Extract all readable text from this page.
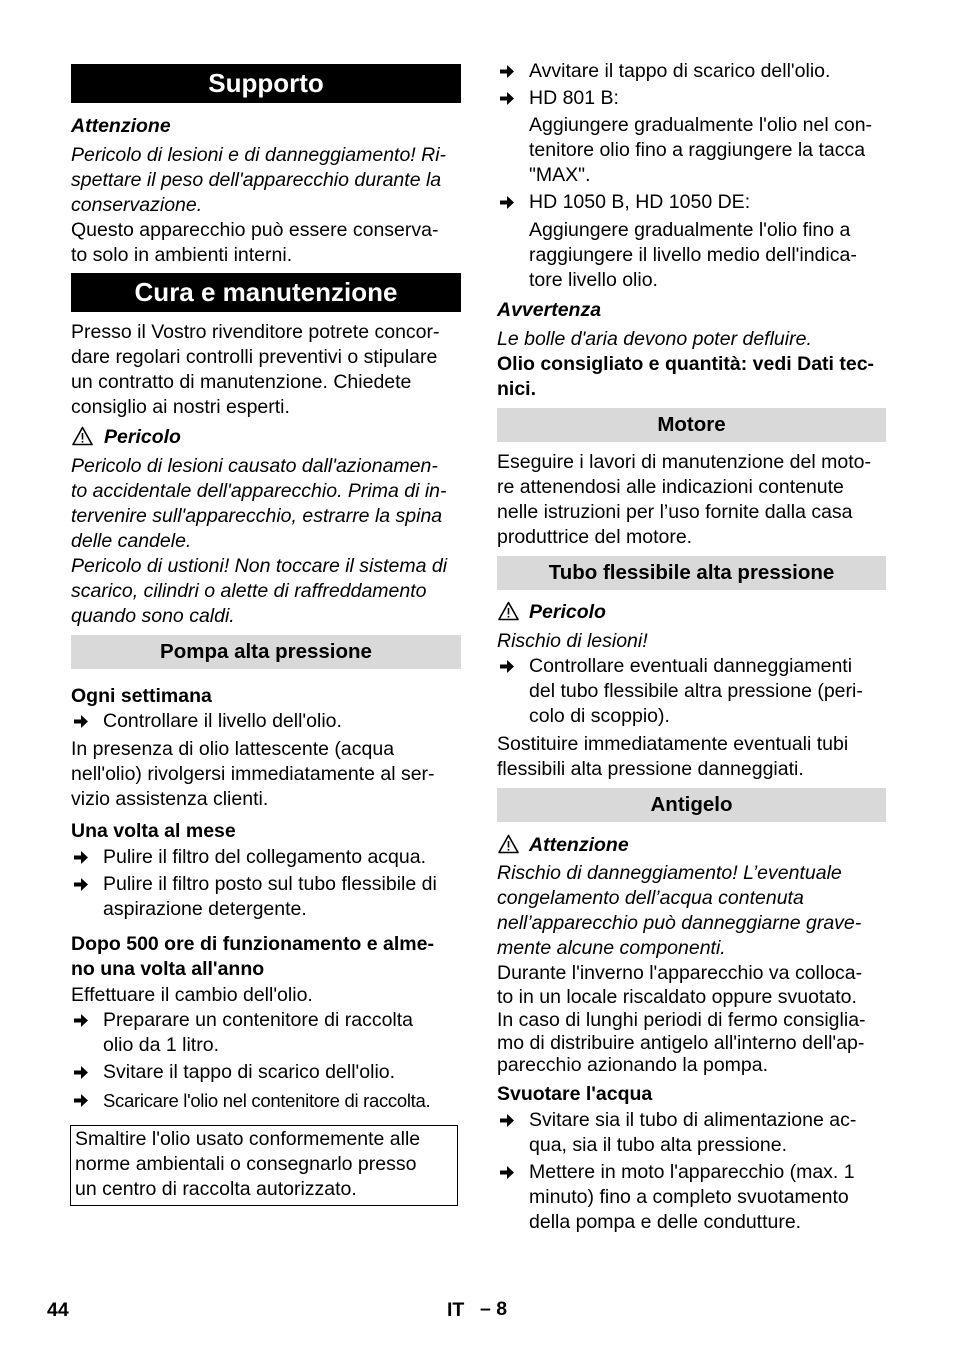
Supporto
Attenzione
Pericolo di lesioni e di danneggiamento! Ri-
spettare il peso dell'apparecchio durante la
conservazione.
Questo apparecchio può essere conserva-
to solo in ambienti interni.
Cura e manutenzione
Presso il Vostro rivenditore potrete concor-
dare regolari controlli preventivi o stipulare
un contratto di manutenzione. Chiedete
consiglio ai nostri esperti.
Pericolo
Pericolo di lesioni causato dall'azionamen-
to accidentale dell'apparecchio. Prima di in-
tervenire sull'apparecchio, estrarre la spina
delle candele.
Pericolo di ustioni! Non toccare il sistema di
scarico, cilindri o alette di raffreddamento
quando sono caldi.
Pompa alta pressione
Ogni settimana
Controllare il livello dell'olio.
In presenza di olio lattescente (acqua
nell'olio) rivolgersi immediatamente al ser-
vizio assistenza clienti.
Una volta al mese
Pulire il filtro del collegamento acqua.
Pulire il filtro posto sul tubo flessibile di
aspirazione detergente.
Dopo 500 ore di funzionamento e alme-
no una volta all'anno
Effettuare il cambio dell'olio.
Preparare un contenitore di raccolta
olio da 1 litro.
Svitare il tappo di scarico dell'olio.
Scaricare l'olio nel contenitore di raccolta.
Smaltire l'olio usato conformemente alle
norme ambientali o consegnarlo presso
un centro di raccolta autorizzato.
Avvitare il tappo di scarico dell'olio.
HD 801 B:
Aggiungere gradualmente l'olio nel con-
tenitore olio fino a raggiungere la tacca
"MAX".
HD 1050 B, HD 1050 DE:
Aggiungere gradualmente l'olio fino a
raggiungere il livello medio dell'indica-
tore livello olio.
Avvertenza
Le bolle d'aria devono poter defluire.
Olio consigliato e quantità: vedi Dati tec-
nici.
Motore
Eseguire i lavori di manutenzione del moto-
re attenendosi alle indicazioni contenute
nelle istruzioni per l’uso fornite dalla casa
produttrice del motore.
Tubo flessibile alta pressione
Pericolo
Rischio di lesioni!
Controllare eventuali danneggiamenti
del tubo flessibile altra pressione (peri-
colo di scoppio).
Sostituire immediatamente eventuali tubi
flessibili alta pressione danneggiati.
Antigelo
Attenzione
Rischio di danneggiamento! L’eventuale
congelamento dell’acqua contenuta
nell’apparecchio può danneggiarne grave-
mente alcune componenti.
Durante l'inverno l'apparecchio va colloca-
to in un locale riscaldato oppure svuotato.
In caso di lunghi periodi di fermo consiglia-
mo di distribuire antigelo all'interno dell'ap-
parecchio azionando la pompa.
Svuotare l'acqua
Svitare sia il tubo di alimentazione ac-
qua, sia il tubo alta pressione.
Mettere in moto l'apparecchio (max. 1
minuto) fino a completo svuotamento
della pompa e delle condutture.
44	IT – 8
